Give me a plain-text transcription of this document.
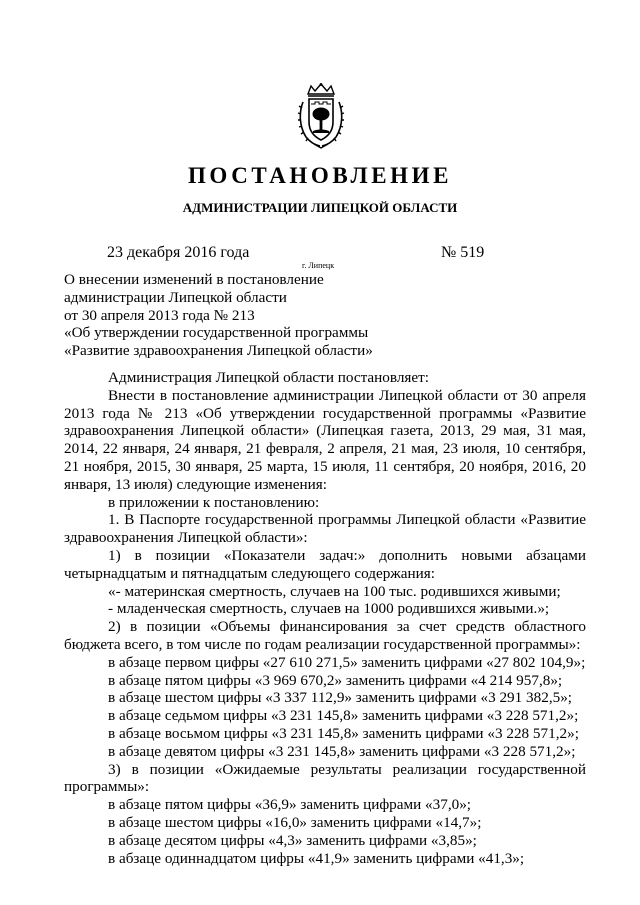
ПОСТАНОВЛЕНИЕ
АДМИНИСТРАЦИИ ЛИПЕЦКОЙ ОБЛАСТИ
23 декабря 2016 года	№ 519
г. Липецк
О внесении изменений в постановление
администрации Липецкой области
от 30 апреля 2013 года № 213
«Об утверждении государственной программы
«Развитие здравоохранения Липецкой области»

Администрация Липецкой области постановляет:

Внести в постановление администрации Липецкой области от 30 апреля 2013 года № 213 «Об утверждении государственной программы «Развитие здравоохранения Липецкой области» (Липецкая газета, 2013, 29 мая, 31 мая, 2014, 22 января, 24 января, 21 февраля, 2 апреля, 21 мая, 23 июля, 10 сентября, 21 ноября, 2015, 30 января, 25 марта, 15 июля, 11 сентября, 20 ноября, 2016, 20 января, 13 июля) следующие изменения:

в приложении к постановлению:

1. В Паспорте государственной программы Липецкой области «Развитие здравоохранения Липецкой области»:

1) в позиции «Показатели задач:» дополнить новыми абзацами четырнадцатым и пятнадцатым следующего содержания:

«- материнская смертность, случаев на 100 тыс. родившихся живыми;

- младенческая смертность, случаев на 1000 родившихся живыми.»;

2) в позиции «Объемы финансирования за счет средств областного бюджета всего, в том числе по годам реализации государственной программы»:

в абзаце первом цифры «27 610 271,5» заменить цифрами «27 802 104,9»;

в абзаце пятом цифры «3 969 670,2» заменить цифрами «4 214 957,8»;

в абзаце шестом цифры «3 337 112,9» заменить цифрами «3 291 382,5»;

в абзаце седьмом цифры «3 231 145,8» заменить цифрами «3 228 571,2»;

в абзаце восьмом цифры «3 231 145,8» заменить цифрами «3 228 571,2»;

в абзаце девятом цифры «3 231 145,8» заменить цифрами «3 228 571,2»;

3) в позиции «Ожидаемые результаты реализации государственной программы»:

в абзаце пятом цифры «36,9» заменить цифрами «37,0»;

в абзаце шестом цифры «16,0» заменить цифрами «14,7»;

в абзаце десятом цифры «4,3» заменить цифрами «3,85»;

в абзаце одиннадцатом цифры «41,9» заменить цифрами «41,3»;
